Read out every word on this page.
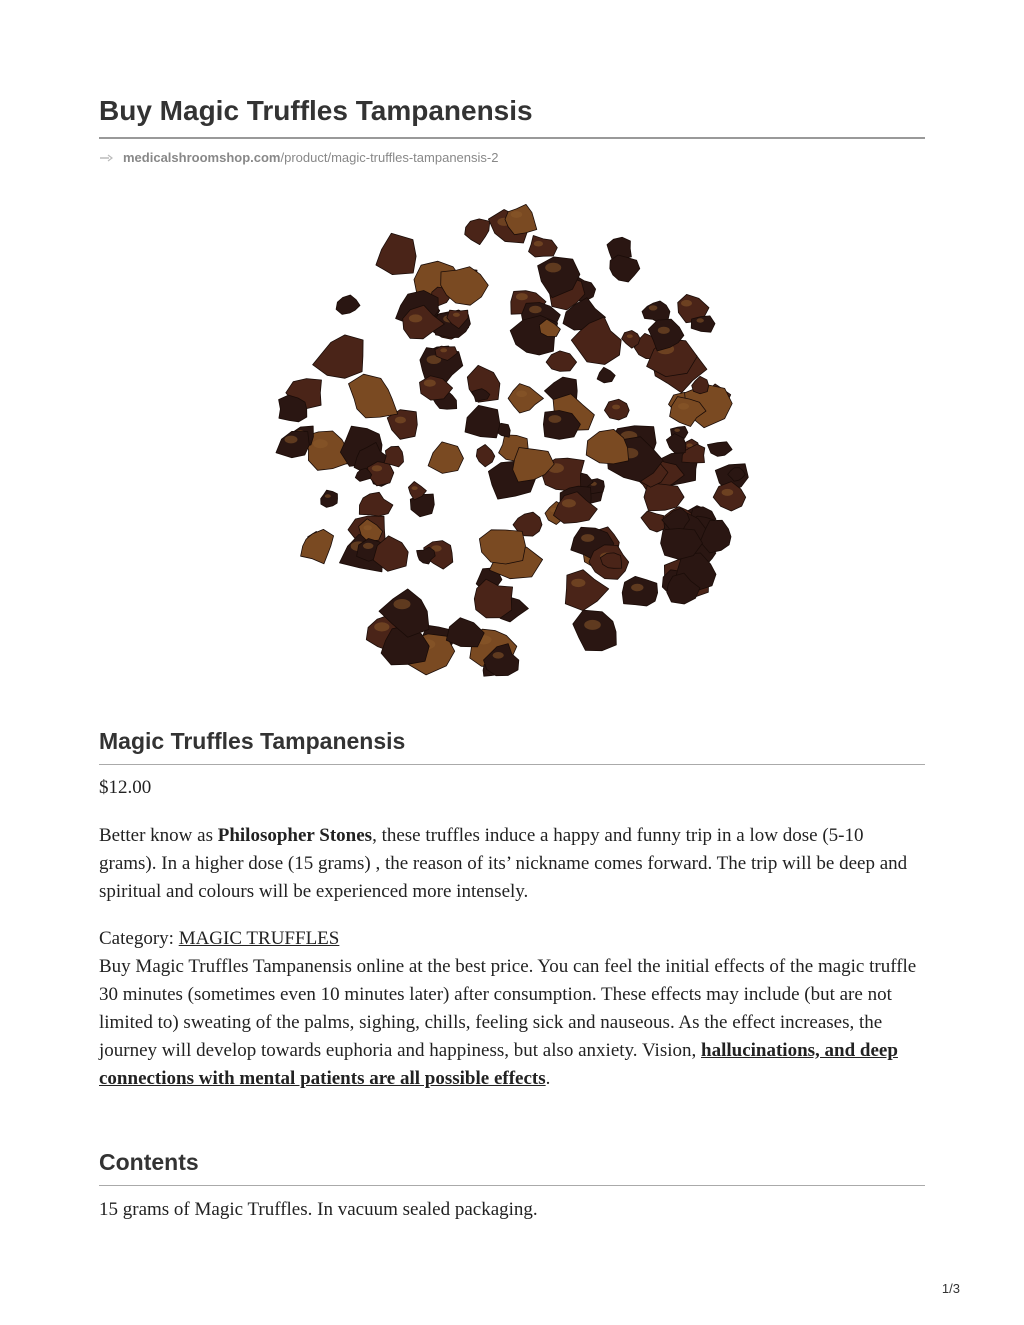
Buy Magic Truffles Tampanensis
medicalshroomshop.com /product/magic-truffles-tampanensis-2
Magic Truffles Tampanensis

$12.00

Better know as Philosopher Stones, these truffles induce a happy and funny trip in a low dose (5-10 grams). In a higher dose (15 grams) , the reason of its’ nickname comes forward. The trip will be deep and spiritual and colours will be experienced more intensely.

Category: MAGIC TRUFFLES
Buy Magic Truffles Tampanensis online at the best price. You can feel the initial effects of the magic truffle 30 minutes (sometimes even 10 minutes later) after consumption. These effects may include (but are not limited to) sweating of the palms, sighing, chills, feeling sick and nauseous. As the effect increases, the journey will develop towards euphoria and happiness, but also anxiety. Vision, hallucinations, and deep connections with mental patients are all possible effects.

Contents

15 grams of Magic Truffles. In vacuum sealed packaging.

1/3
